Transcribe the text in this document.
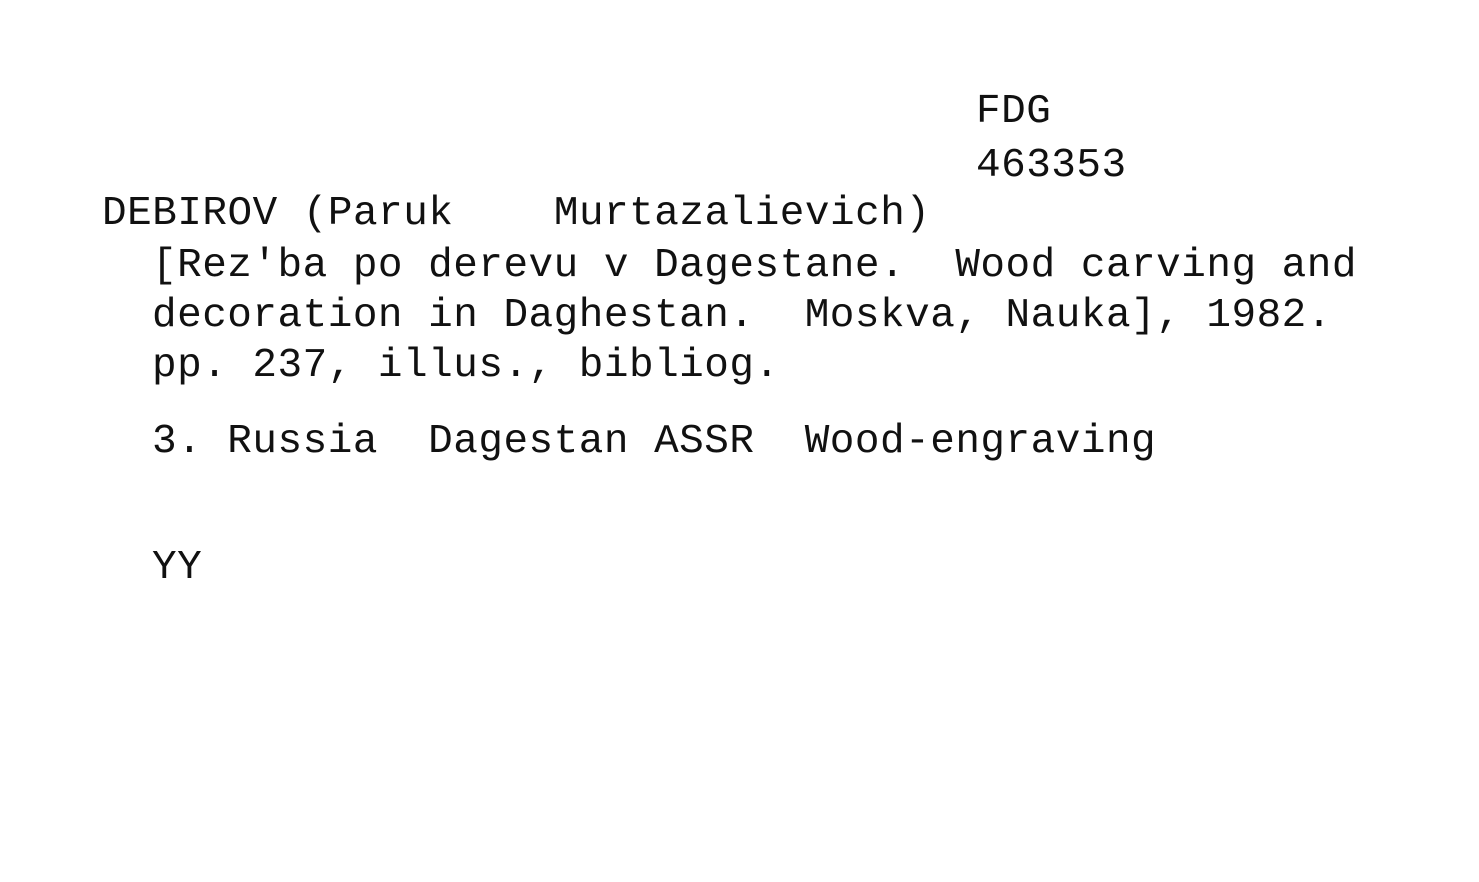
FDG
463353
DEBIROV (Paruk    Murtazalievich)
[Rez'ba po derevu v Dagestane.  Wood carving and
decoration in Daghestan.  Moskva, Nauka], 1982.
pp. 237, illus., bibliog.
3. Russia  Dagestan ASSR  Wood-engraving
YY
